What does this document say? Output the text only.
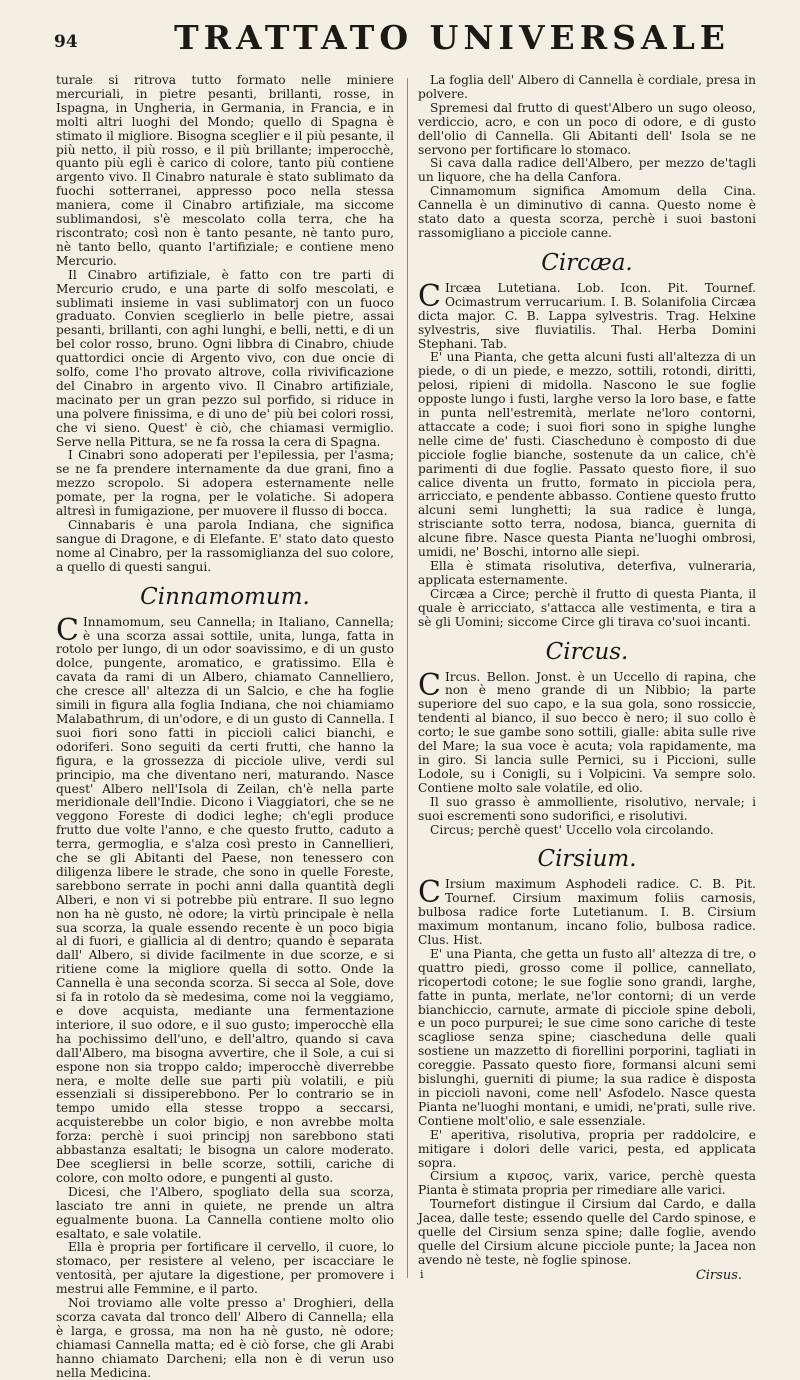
94	TRATTATO UNIVERSALE

turale si ritrova tutto formato nelle miniere mercuriali, in pietre pesanti, brillanti, rosse, in Ispagna, in Ungheria, in Germania, in Francia, e in molti altri luoghi del Mondo; quello di Spagna è stimato il migliore. Bisogna sceglier e il più pesante, il più netto, il più rosso, e il più brillante; imperocchè, quanto più egli è carico di colore, tanto più contiene argento vivo. Il Cinabro naturale è stato sublimato da fuochi sotterranei, appresso poco nella stessa maniera, come il Cinabro artifiziale, ma siccome sublimandosi, s'è mescolato colla terra, che ha riscontrato; così non è tanto pesante, nè tanto puro, nè tanto bello, quanto l'artifiziale; e contiene meno Mercurio.

Il Cinabro artifiziale, è fatto con tre parti di Mercurio crudo, e una parte di solfo mescolati, e sublimati insieme in vasi sublimatorj con un fuoco graduato. Convien sceglierlo in belle pietre, assai pesanti, brillanti, con aghi lunghi, e belli, netti, e di un bel color rosso, bruno. Ogni libbra di Cinabro, chiude quattordici oncie di Argento vivo, con due oncie di solfo, come l'ho provato altrove, colla rivivificazione del Cinabro in argento vivo. Il Cinabro artifiziale, macinato per un gran pezzo sul porfido, si riduce in una polvere finissima, e di uno de' più bei colori rossi, che vi sieno. Quest' è ciò, che chiamasi vermiglio. Serve nella Pittura, se ne fa rossa la cera di Spagna.

I Cinabri sono adoperati per l'epilessia, per l'asma; se ne fa prendere internamente da due grani, fino a mezzo scropolo. Si adopera esternamente nelle pomate, per la rogna, per le volatiche. Si adopera altresì in fumigazione, per muovere il flusso di bocca.

Cinnabaris è una parola Indiana, che significa sangue di Dragone, e di Elefante. E' stato dato questo nome al Cinabro, per la rassomiglianza del suo colore, a quello di questi sangui.

Cinnamomum.

C Innamomum, seu Cannella; in Italiano, Cannella; è una scorza assai sottile, unita, lunga, fatta in rotolo per lungo, di un odor soavissimo, e di un gusto dolce, pungente, aromatico, e gratissimo. Ella è cavata da rami di un Albero, chiamato Cannelliero, che cresce all' altezza di un Salcio, e che ha foglie simili in figura alla foglia Indiana, che noi chiamiamo Malabathrum, di un'odore, e di un gusto di Cannella. I suoi fiori sono fatti in piccioli calici bianchi, e odoriferi. Sono seguiti da certi frutti, che hanno la figura, e la grossezza di picciole ulive, verdi sul principio, ma che diventano neri, maturando. Nasce quest' Albero nell'Isola di Zeilan, ch'è nella parte meridionale dell'Indie. Dicono i Viaggiatori, che se ne veggono Foreste di dodici leghe; ch'egli produce frutto due volte l'anno, e che questo frutto, caduto a terra, germoglia, e s'alza così presto in Cannellieri, che se gli Abitanti del Paese, non tenessero con diligenza libere le strade, che sono in quelle Foreste, sarebbono serrate in pochi anni dalla quantità degli Alberi, e non vi si potrebbe più entrare. Il suo legno non ha nè gusto, nè odore; la virtù principale è nella sua scorza, la quale essendo recente è un poco bigia al di fuori, e giallicia al di dentro; quando è separata dall' Albero, si divide facilmente in due scorze, e si ritiene come la migliore quella di sotto. Onde la Cannella è una seconda scorza. Si secca al Sole, dove si fa in rotolo da sè medesima, come noi la veggiamo, e dove acquista, mediante una fermentazione interiore, il suo odore, e il suo gusto; imperocchè ella ha pochissimo dell'uno, e dell'altro, quando si cava dall'Albero, ma bisogna avvertire, che il Sole, a cui si espone non sia troppo caldo; imperocchè diverrebbe nera, e molte delle sue parti più volatili, e più essenziali si dissiperebbono. Per lo contrario se in tempo umido ella stesse troppo a seccarsi, acquisterebbe un color bigio, e non avrebbe molta forza: perchè i suoi principj non sarebbono stati abbastanza esaltati; le bisogna un calore moderato. Dee scegliersi in belle scorze, sottili, cariche di colore, con molto odore, e pungenti al gusto.

Dicesi, che l'Albero, spogliato della sua scorza, lasciato tre anni in quiete, ne prende un altra egualmente buona. La Cannella contiene molto olio esaltato, e sale volatile.

Ella è propria per fortificare il cervello, il cuore, lo stomaco, per resistere al veleno, per iscacciare le ventosità, per ajutare la digestione, per promovere i mestrui alle Femmine, e il parto.

Noi troviamo alle volte presso a' Droghieri, della scorza cavata dal tronco dell' Albero di Cannella; ella è larga, e grossa, ma non ha nè gusto, nè odore; chiamasi Cannella matta; ed è ciò forse, che gli Arabi hanno chiamato Darcheni; ella non è di verun uso nella Medicina.

La foglia dell' Albero di Cannella è cordiale, presa in polvere.

Spremesi dal frutto di quest'Albero un sugo oleoso, verdiccio, acro, e con un poco di odore, e di gusto dell'olio di Cannella. Gli Abitanti dell' Isola se ne servono per fortificare lo stomaco.

Si cava dalla radice dell'Albero, per mezzo de'tagli un liquore, che ha della Canfora.

Cinnamomum significa Amomum della Cina. Cannella è un diminutivo di canna. Questo nome è stato dato a questa scorza, perchè i suoi bastoni rassomigliano a picciole canne.

Circæa.

C Ircæa Lutetiana. Lob. Icon. Pit. Tournef. Ocimastrum verrucarium. I. B. Solanifolia Circæa dicta major. C. B. Lappa sylvestris. Trag. Helxine sylvestris, sive fluviatilis. Thal. Herba Domini Stephani. Tab.

E' una Pianta, che getta alcuni fusti all'altezza di un piede, o di un piede, e mezzo, sottili, rotondi, diritti, pelosi, ripieni di midolla. Nascono le sue foglie opposte lungo i fusti, larghe verso la loro base, e fatte in punta nell'estremità, merlate ne'loro contorni, attaccate a code; i suoi fiori sono in spighe lunghe nelle cime de' fusti. Ciascheduno è composto di due picciole foglie bianche, sostenute da un calice, ch'è parimenti di due foglie. Passato questo fiore, il suo calice diventa un frutto, formato in picciola pera, arricciato, e pendente abbasso. Contiene questo frutto alcuni semi lunghetti; la sua radice è lunga, strisciante sotto terra, nodosa, bianca, guernita di alcune fibre. Nasce questa Pianta ne'luoghi ombrosi, umidi, ne' Boschi, intorno alle siepi.

Ella è stimata risolutiva, deterfiva, vulneraria, applicata esternamente.

Circæa a Circe; perchè il frutto di questa Pianta, il quale è arricciato, s'attacca alle vestimenta, e tira a sè gli Uomini; siccome Circe gli tirava co'suoi incanti.

Circus.

C Ircus. Bellon. Jonst. è un Uccello di rapina, che non è meno grande di un Nibbio; la parte superiore del suo capo, e la sua gola, sono rossiccie, tendenti al bianco, il suo becco è nero; il suo collo è corto; le sue gambe sono sottili, gialle: abita sulle rive del Mare; la sua voce è acuta; vola rapidamente, ma in giro. Si lancia sulle Pernici, su i Piccioni, sulle Lodole, su i Conigli, su i Volpicini. Va sempre solo. Contiene molto sale volatile, ed olio.

Il suo grasso è ammolliente, risolutivo, nervale; i suoi escrementi sono sudorifici, e risolutivi.

Circus; perchè quest' Uccello vola circolando.

Cirsium.

C Irsium maximum Asphodeli radice. C. B. Pit. Tournef. Cirsium maximum foliis carnosis, bulbosa radice forte Lutetianum. I. B. Cirsium maximum montanum, incano folio, bulbosa radice. Clus. Hist.

E' una Pianta, che getta un fusto all' altezza di tre, o quattro piedi, grosso come il pollice, cannellato, ricopertodi cotone; le sue foglie sono grandi, larghe, fatte in punta, merlate, ne'lor contorni; di un verde bianchiccio, carnute, armate di picciole spine deboli, e un poco purpurei; le sue cime sono cariche di teste scagliose senza spine; ciascheduna delle quali sostiene un mazzetto di fiorellini porporini, tagliati in coreggie. Passato questo fiore, formansi alcuni semi bislunghi, guerniti di piume; la sua radice è disposta in piccioli navoni, come nell' Asfodelo. Nasce questa Pianta ne'luoghi montani, e umidi, ne'prati, sulle rive. Contiene molt'olio, e sale essenziale.

E' aperitiva, risolutiva, propria per raddolcire, e mitigare i dolori delle varici, pesta, ed applicata sopra.

Cirsium a κιρσος, varix, varice, perchè questa Pianta è stimata propria per rimediare alle varici.

Tournefort distingue il Cirsium dal Cardo, e dalla Jacea, dalle teste; essendo quelle del Cardo spinose, e quelle del Cirsium senza spine; dalle foglie, avendo quelle del Cirsium alcune picciole punte; la Jacea non avendo nè teste, nè foglie spinose.

i	Cirsus.
